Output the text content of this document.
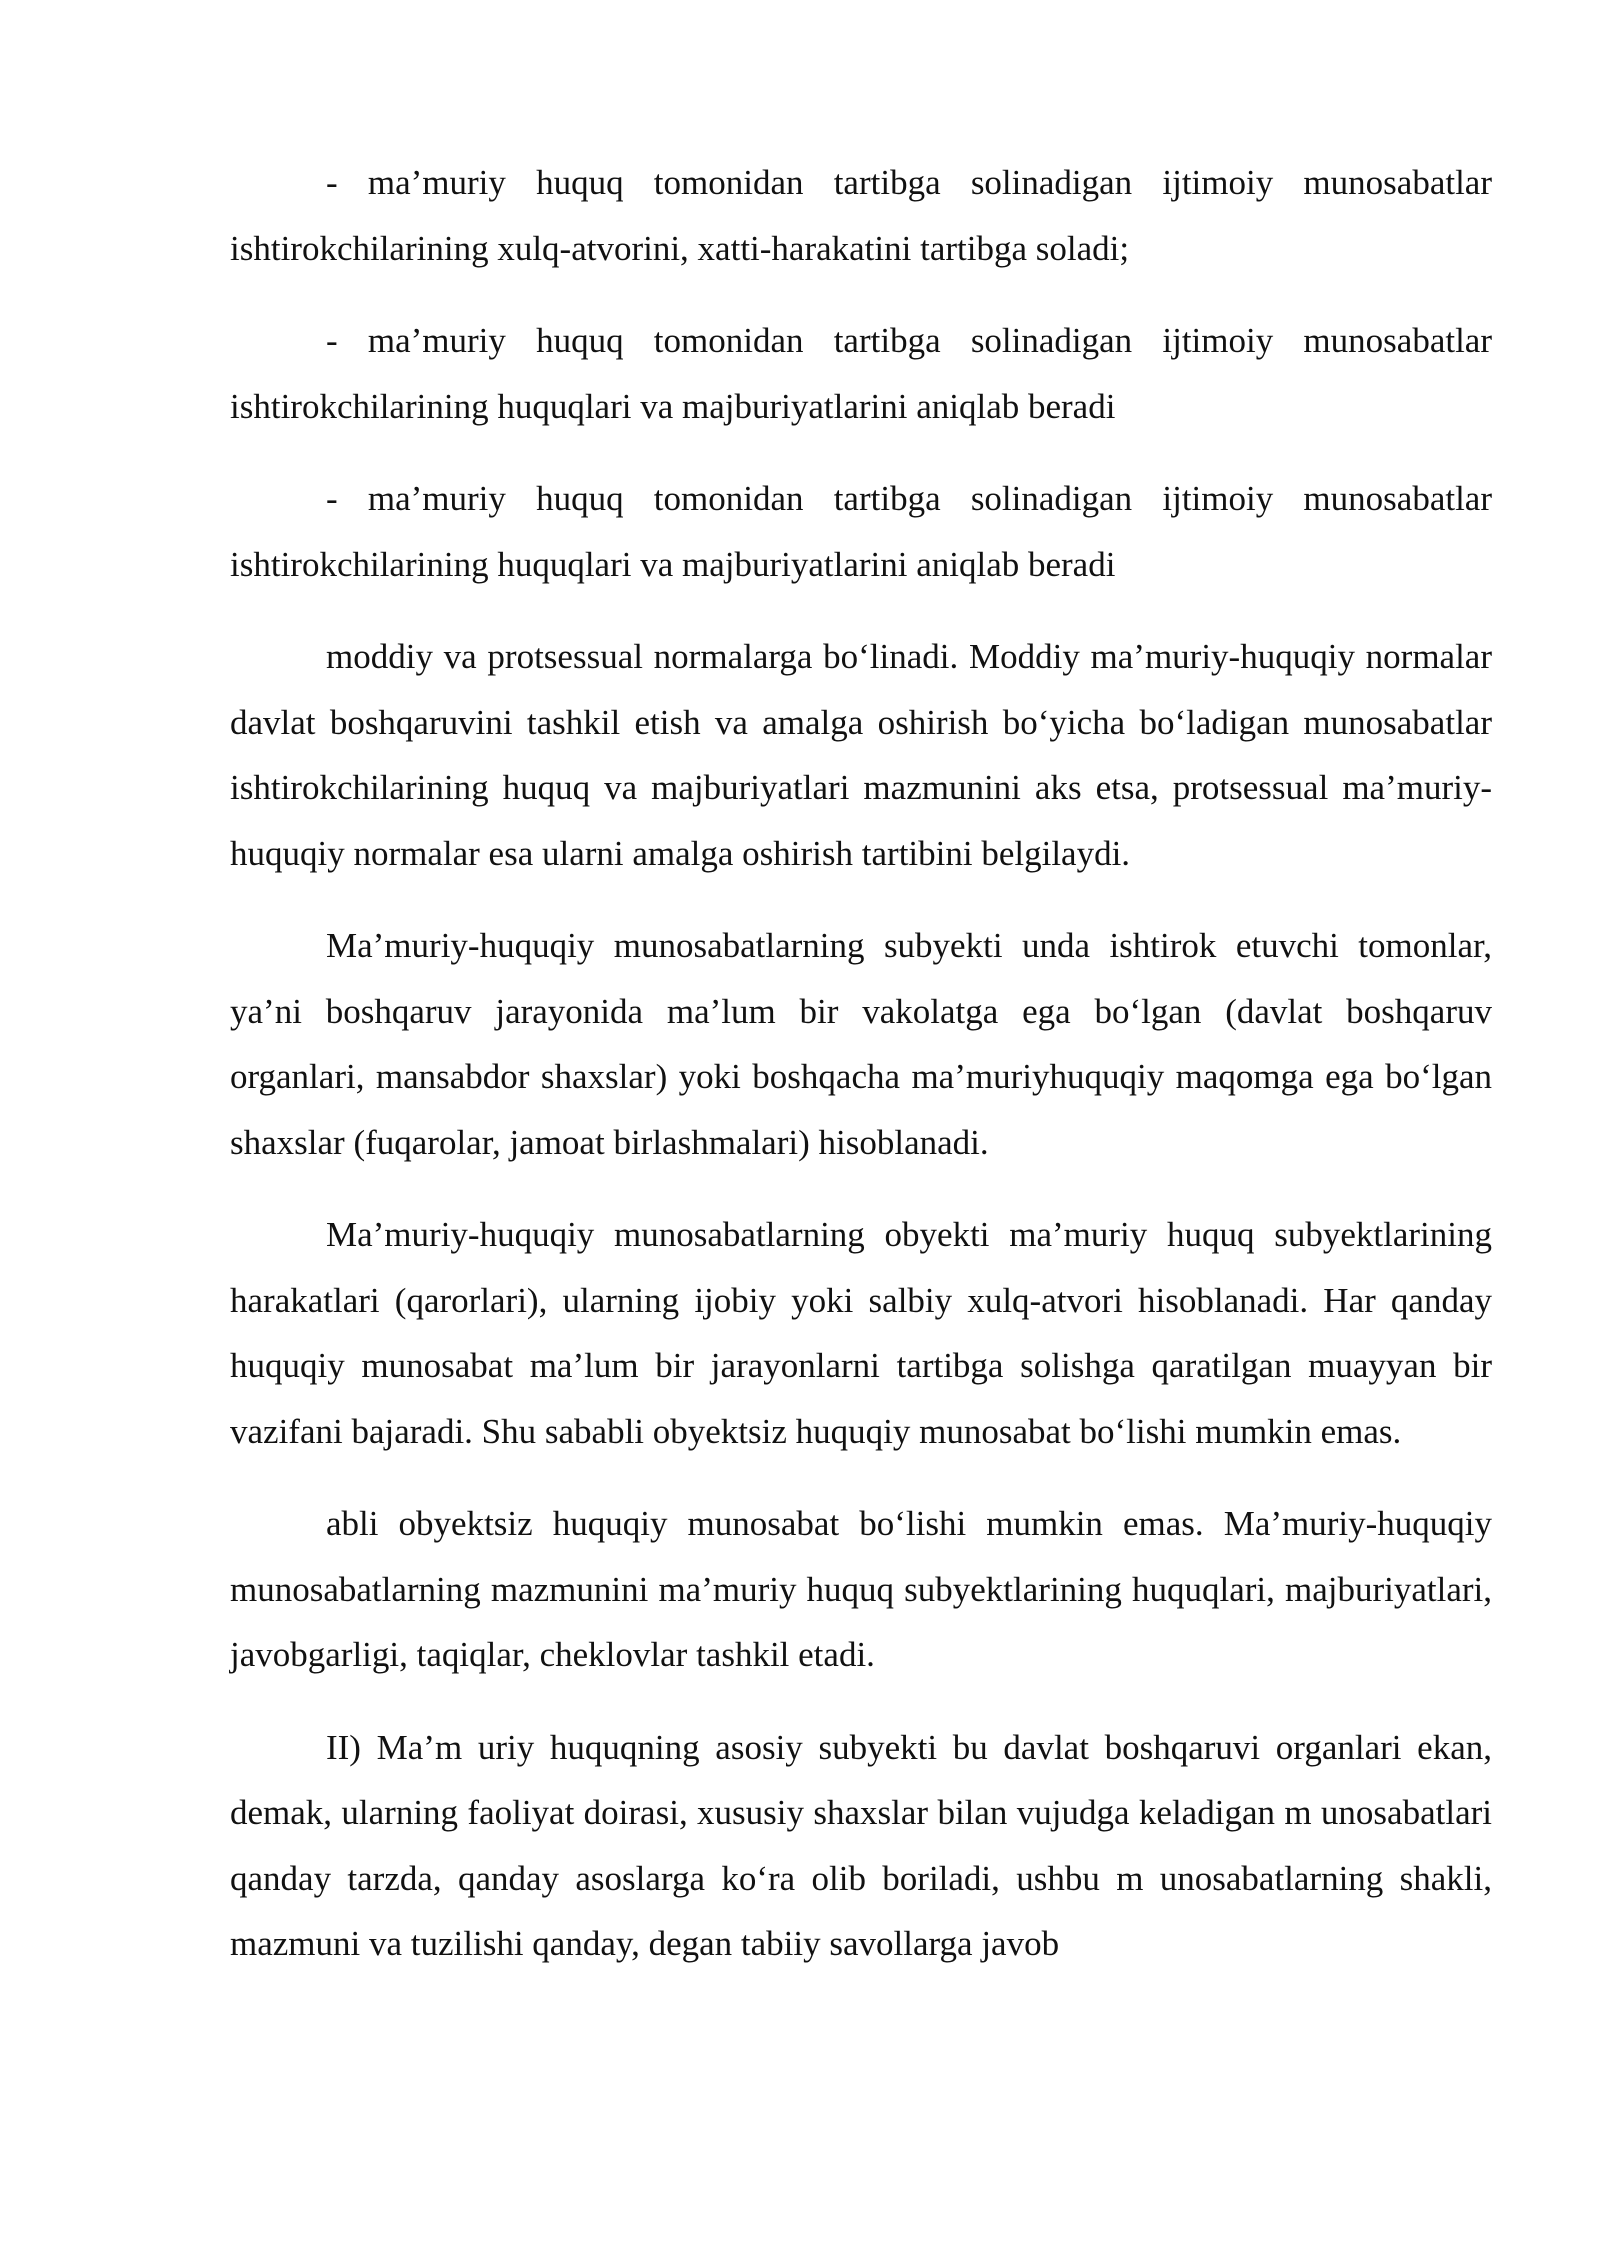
- ma’muriy huquq tomonidan tartibga solinadigan ijtimoiy munosabatlar ishtirokchilarining xulq-atvorini, xatti-harakatini tartibga soladi;

- ma’muriy huquq tomonidan tartibga solinadigan ijtimoiy munosabatlar ishtirokchilarining huquqlari va majburiyatlarini aniqlab beradi

- ma’muriy huquq tomonidan tartibga solinadigan ijtimoiy munosabatlar ishtirokchilarining huquqlari va majburiyatlarini aniqlab beradi

moddiy va protsessual normalarga bo‘linadi. Moddiy ma’muriy-huquqiy normalar davlat boshqaruvini tashkil etish va amalga oshirish bo‘yicha bo‘ladigan munosabatlar ishtirokchilarining huquq va majburiyatlari mazmunini aks etsa, protsessual ma’muriy-huquqiy normalar esa ularni amalga oshirish tartibini belgilaydi.

Ma’muriy-huquqiy munosabatlarning subyekti unda ishtirok etuvchi tomonlar, ya’ni boshqaruv jarayonida ma’lum bir vakolatga ega bo‘lgan (davlat boshqaruv organlari, mansabdor shaxslar) yoki boshqacha ma’muriyhuquqiy maqomga ega bo‘lgan shaxslar (fuqarolar, jamoat birlashmalari) hisoblanadi.

Ma’muriy-huquqiy munosabatlarning obyekti ma’muriy huquq subyektlarining harakatlari (qarorlari), ularning ijobiy yoki salbiy xulq-atvori hisoblanadi. Har qanday huquqiy munosabat ma’lum bir jarayonlarni tartibga solishga qaratilgan muayyan bir vazifani bajaradi. Shu sababli obyektsiz huquqiy munosabat bo‘lishi mumkin emas.

abli obyektsiz huquqiy munosabat bo‘lishi mumkin emas. Ma’muriy-huquqiy munosabatlarning mazmunini ma’muriy huquq subyektlarining huquqlari, majburiyatlari, javobgarligi, taqiqlar, cheklovlar tashkil etadi.

II) Ma’m uriy huquqning asosiy subyekti bu davlat boshqaruvi organlari ekan, demak, ularning faoliyat doirasi, xususiy shaxslar bilan vujudga keladigan m unosabatlari qanday tarzda, qanday asoslarga ko‘ra olib boriladi, ushbu m unosabatlarning shakli, mazmuni va tuzilishi qanday, degan tabiiy savollarga javob
